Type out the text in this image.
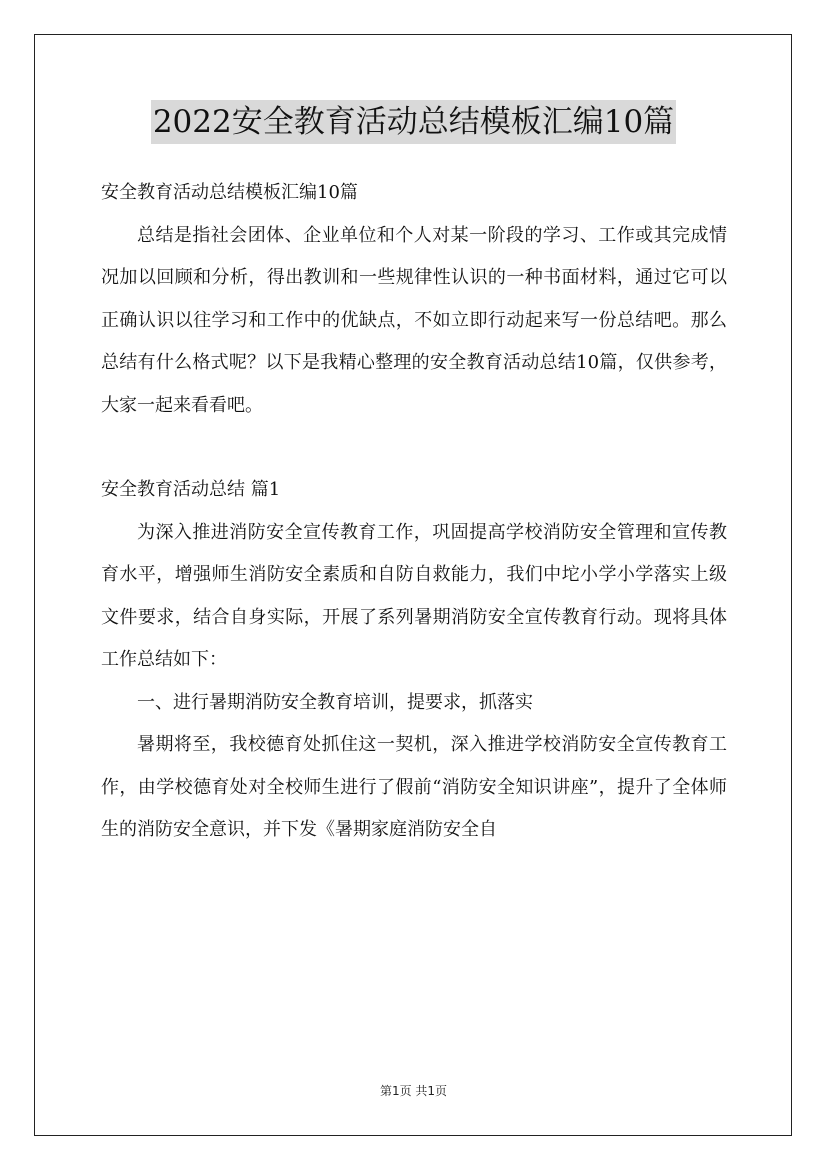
2022安全教育活动总结模板汇编10篇

安全教育活动总结模板汇编10篇

总结是指社会团体、企业单位和个人对某一阶段的学习、工作或其完成情况加以回顾和分析，得出教训和一些规律性认识的一种书面材料，通过它可以正确认识以往学习和工作中的优缺点，不如立即行动起来写一份总结吧。那么总结有什么格式呢？以下是我精心整理的安全教育活动总结10篇，仅供参考，大家一起来看看吧。

安全教育活动总结 篇1

为深入推进消防安全宣传教育工作，巩固提高学校消防安全管理和宣传教育水平，增强师生消防安全素质和自防自救能力，我们中坨小学小学落实上级文件要求，结合自身实际，开展了系列暑期消防安全宣传教育行动。现将具体工作总结如下：

一、进行暑期消防安全教育培训，提要求，抓落实

暑期将至，我校德育处抓住这一契机，深入推进学校消防安全宣传教育工作，由学校德育处对全校师生进行了假前“消防安全知识讲座”，提升了全体师生的消防安全意识，并下发《暑期家庭消防安全自

第1页 共1页
